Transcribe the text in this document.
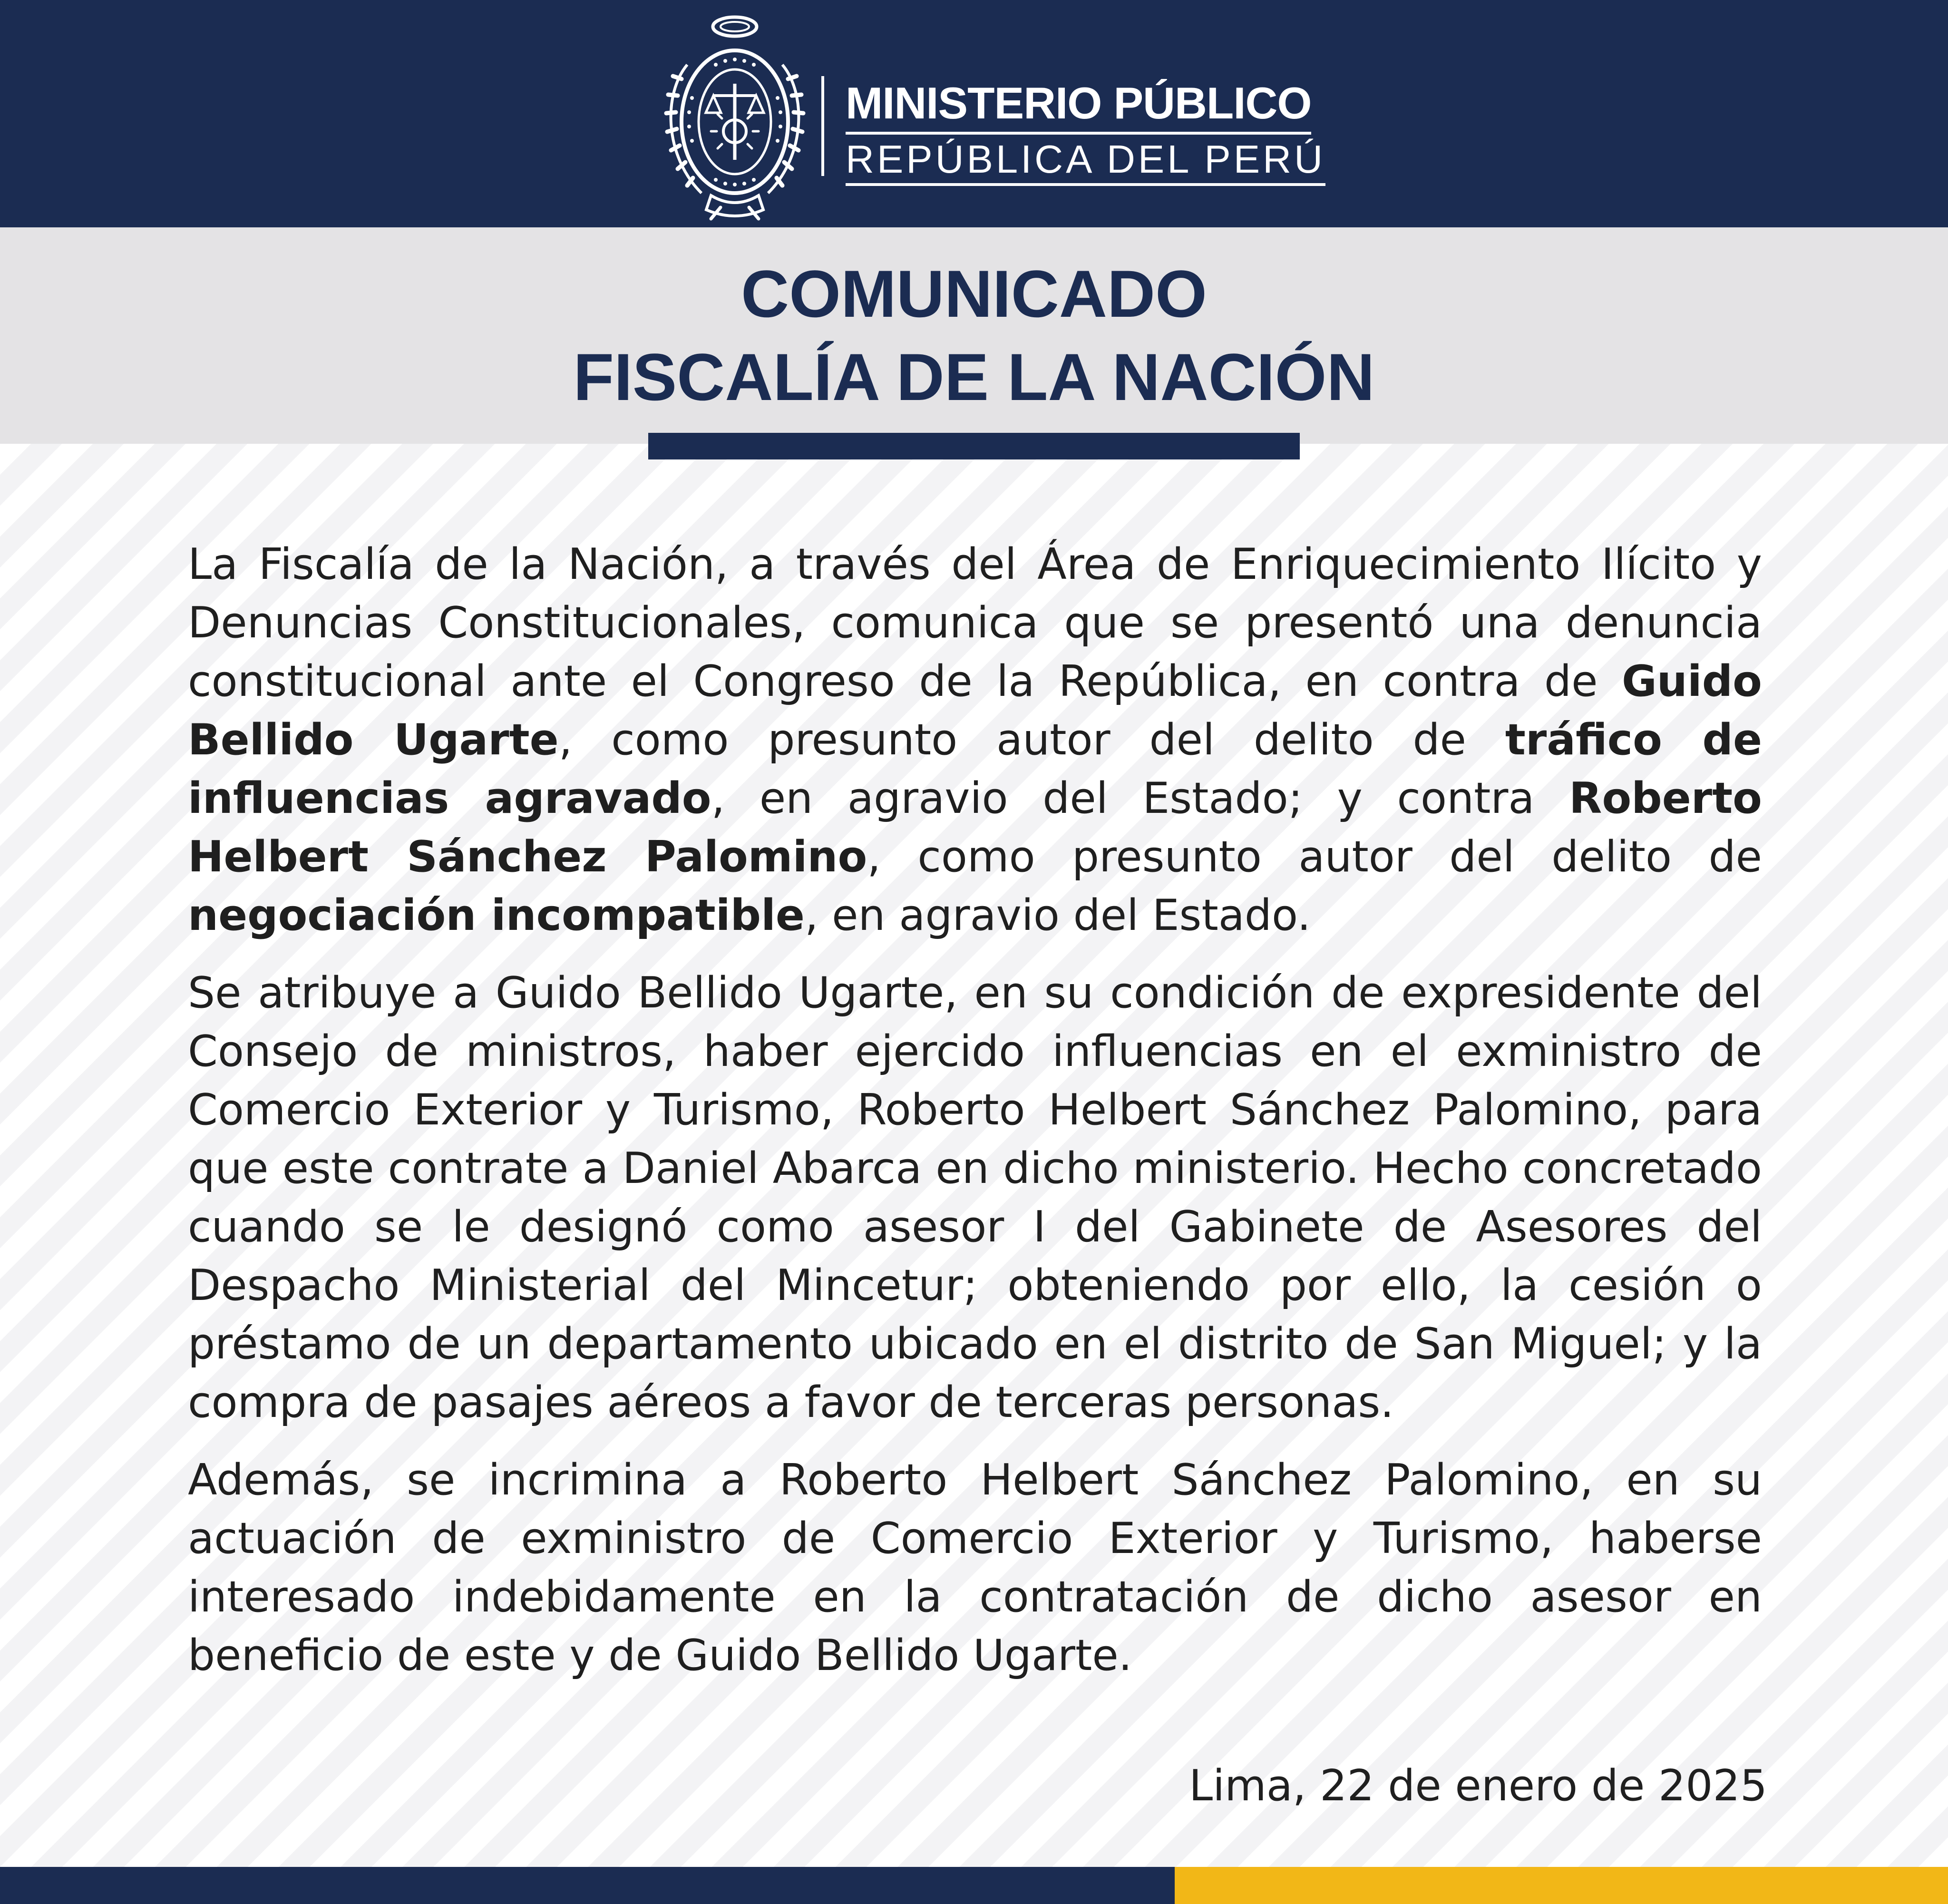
MINISTERIO PÚBLICO REPÚBLICA DEL PERÚ
COMUNICADO
FISCALÍA DE LA NACIÓN

La Fiscalía de la Nación, a través del Área de Enriquecimiento Ilícito y Denuncias Constitucionales, comunica que se presentó una denuncia constitucional ante el Congreso de la República, en contra de Guido Bellido Ugarte, como presunto autor del delito de tráfico de influencias agravado, en agravio del Estado; y contra Roberto Helbert Sánchez Palomino, como presunto autor del delito de negociación incompatible, en agravio del Estado.

Se atribuye a Guido Bellido Ugarte, en su condición de expresidente del Consejo de ministros, haber ejercido influencias en el exministro de Comercio Exterior y Turismo, Roberto Helbert Sánchez Palomino, para que este contrate a Daniel Abarca en dicho ministerio. Hecho concretado cuando se le designó como asesor I del Gabinete de Asesores del Despacho Ministerial del Mincetur; obteniendo por ello, la cesión o préstamo de un departamento ubicado en el distrito de San Miguel; y la compra de pasajes aéreos a favor de terceras personas.

Además, se incrimina a Roberto Helbert Sánchez Palomino, en su actuación de exministro de Comercio Exterior y Turismo, haberse interesado indebidamente en la contratación de dicho asesor en beneficio de este y de Guido Bellido Ugarte.

Lima, 22 de enero de 2025
